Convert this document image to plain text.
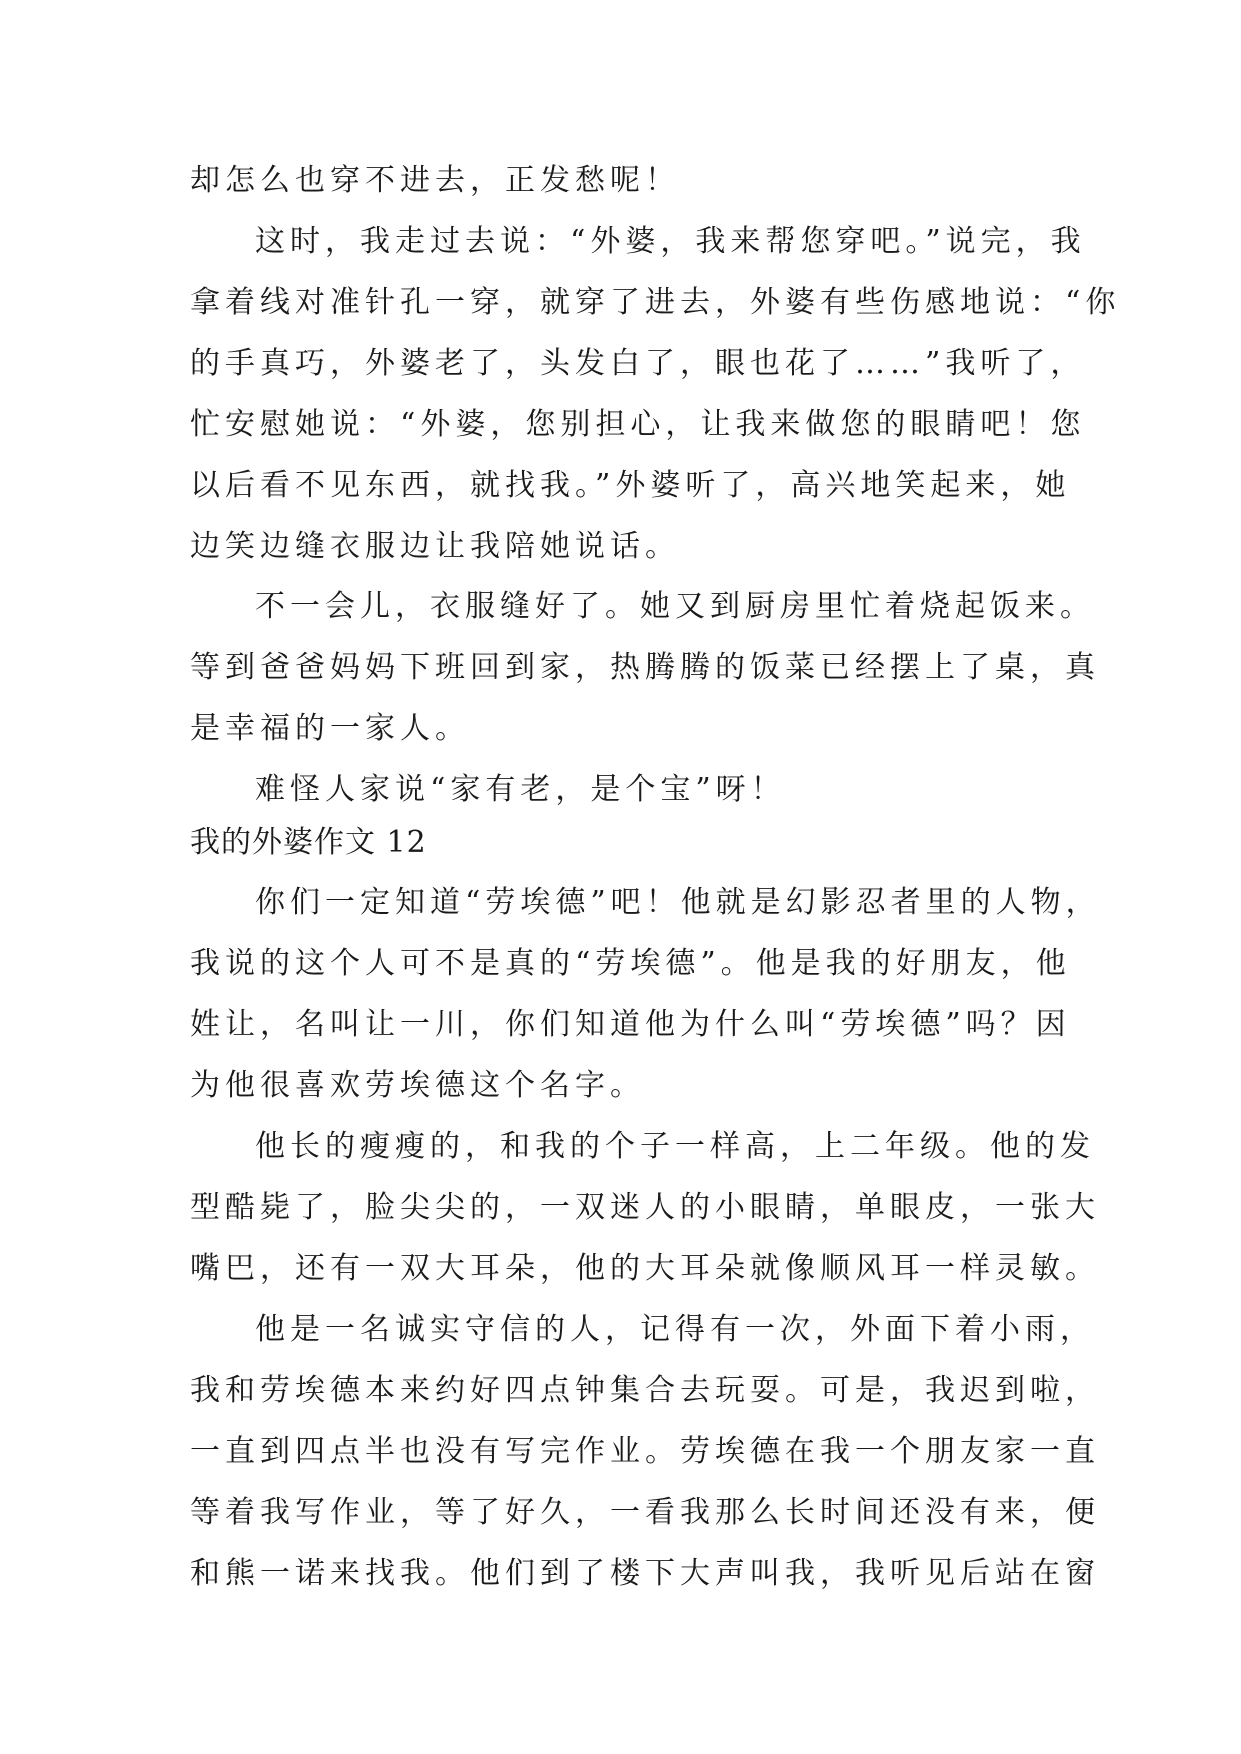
却怎么也穿不进去，正发愁呢！
这时，我走过去说：“外婆，我来帮您穿吧。”说完，我
拿着线对准针孔一穿，就穿了进去，外婆有些伤感地说：“你
的手真巧，外婆老了，头发白了，眼也花了……”我听了，
忙安慰她说：“外婆，您别担心，让我来做您的眼睛吧！您
以后看不见东西，就找我。”外婆听了，高兴地笑起来，她
边笑边缝衣服边让我陪她说话。
不一会儿，衣服缝好了。她又到厨房里忙着烧起饭来。
等到爸爸妈妈下班回到家，热腾腾的饭菜已经摆上了桌，真
是幸福的一家人。
难怪人家说“家有老，是个宝”呀！
我的外婆作文 12
你们一定知道“劳埃德”吧！他就是幻影忍者里的人物，
我说的这个人可不是真的“劳埃德”。他是我的好朋友，他
姓让，名叫让一川，你们知道他为什么叫“劳埃德”吗？因
为他很喜欢劳埃德这个名字。
他长的瘦瘦的，和我的个子一样高，上二年级。他的发
型酷毙了，脸尖尖的，一双迷人的小眼睛，单眼皮，一张大
嘴巴，还有一双大耳朵，他的大耳朵就像顺风耳一样灵敏。
他是一名诚实守信的人，记得有一次，外面下着小雨，
我和劳埃德本来约好四点钟集合去玩耍。可是，我迟到啦，
一直到四点半也没有写完作业。劳埃德在我一个朋友家一直
等着我写作业，等了好久，一看我那么长时间还没有来，便
和熊一诺来找我。他们到了楼下大声叫我，我听见后站在窗
